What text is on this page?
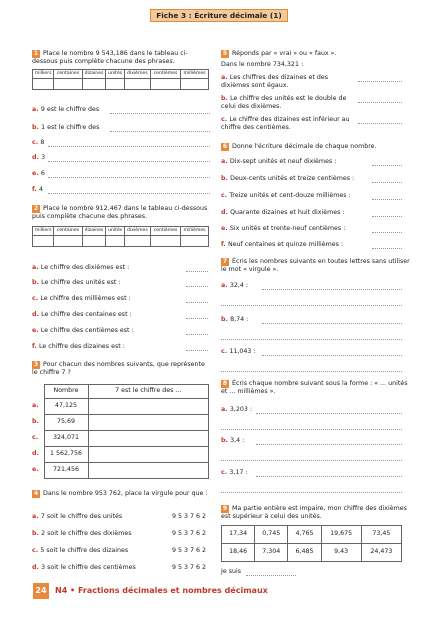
Fiche 3 : Écriture décimale (1)
24	N4 • Fractions décimales et nombres décimaux
1 Place le nombre 9 543,186 dans le tableau ci-dessous puis complète chacune des phrases.
milliers	centaines	dizaines	unités	dixièmes	centièmes	millièmes

a. 9 est le chiffre des
b. 1 est le chiffre des
c. 8
d. 3
e. 6
f. 4
2 Place le nombre 912,467 dans le tableau ci-dessous puis complète chacune des phrases.
milliers	centaines	dizaines	unités	dixièmes	centièmes	millièmes

a. Le chiffre des dixièmes est :
b. Le chiffre des unités est :
c. Le chiffre des millièmes est :
d. Le chiffre des centaines est :
e. Le chiffre des centièmes est :
f. Le chiffre des dizaines est :
3 Pour chacun des nombres suivants, que représente le chiffre 7 ?
	Nombre	7 est le chiffre des ...
a.	47,125	
b.	75,69	
c.	324,071	
d.	1 562,756	
e.	721,456	
4 Dans le nombre 953 762, place la virgule pour que :
a. 7 soit le chiffre des unités	9 5 3 7 6 2
b. 2 soit le chiffre des dixièmes	9 5 3 7 6 2
c. 5 soit le chiffre des dizaines	9 5 3 7 6 2
d. 3 soit le chiffre des centièmes	9 5 3 7 6 2
5 Réponds par « vrai » ou « faux ».
Dans le nombre 734,321 :
a. Les chiffres des dizaines et des dixièmes sont égaux.
b. Le chiffre des unités est le double de celui des dixièmes.
c. Le chiffre des dizaines est inférieur au chiffre des centièmes.
6 Donne l'écriture décimale de chaque nombre.
a. Dix-sept unités et neuf dixièmes :
b. Deux-cents unités et treize centièmes :
c. Treize unités et cent-douze millièmes :
d. Quarante dizaines et huit dixièmes :
e. Six unités et trente-neuf centièmes :
f. Neuf centaines et quinze millièmes :
7 Écris les nombres suivants en toutes lettres sans utiliser le mot « virgule ».
a. 32,4 :
b. 8,74 :
c. 11,043 :
8 Écris chaque nombre suivant sous la forme : « ... unités et ... millièmes ».
a. 3,203 :
b. 3,4 :
c. 3,17 :
9 Ma partie entière est impaire, mon chiffre des dixièmes est supérieur à celui des unités.
17,34	0,745	4,765	19,675	73,45
18,46	7,304	6,485	9,43	24,473
Je suis
